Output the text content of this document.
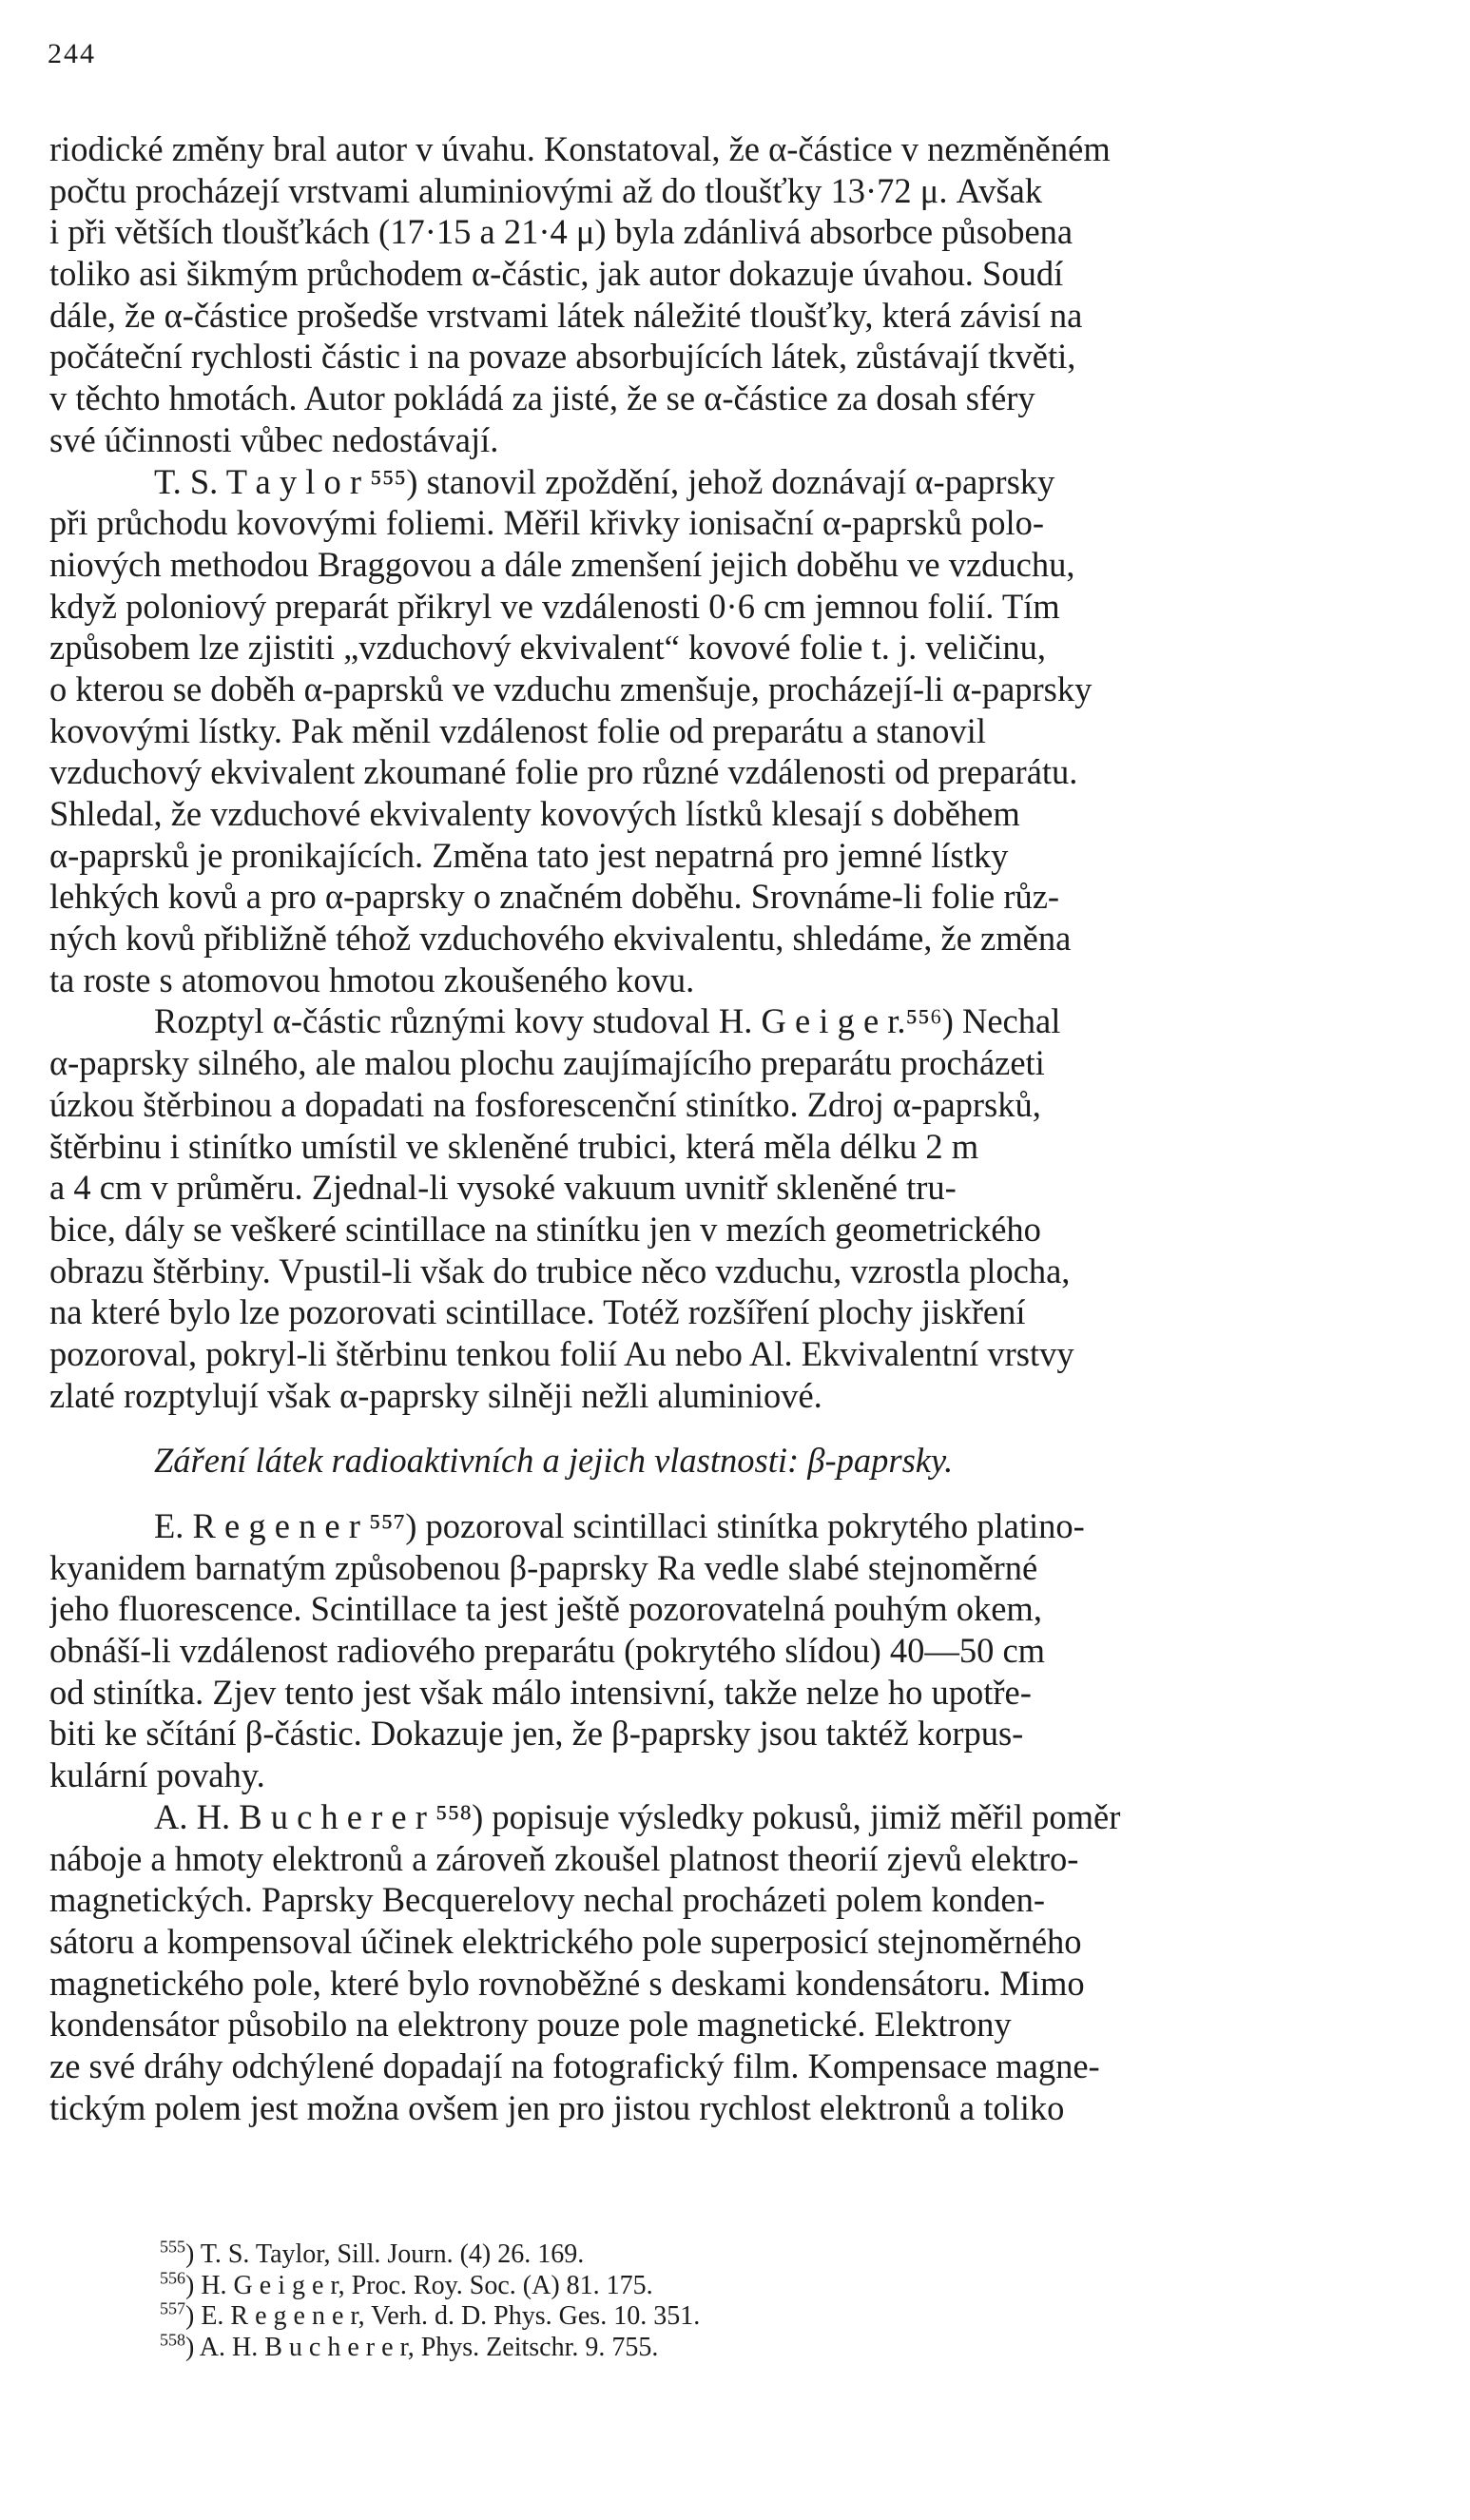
244
riodické změny bral autor v úvahu. Konstatoval, že α-částice v nezměněném
počtu procházejí vrstvami aluminiovými až do tloušťky 13·72 μ. Avšak
i při větších tloušťkách (17·15 a 21·4 μ) byla zdánlivá absorbce působena
toliko asi šikmým průchodem α-částic, jak autor dokazuje úvahou. Soudí
dále, že α-částice prošedše vrstvami látek náležité tloušťky, která závisí na
počáteční rychlosti částic i na povaze absorbujících látek, zůstávají tkvěti,
v těchto hmotách. Autor pokládá za jisté, že se α-částice za dosah sféry
své účinnosti vůbec nedostávají.
T. S. T a y l o r ⁵⁵⁵) stanovil zpoždění, jehož doznávají α-paprsky
při průchodu kovovými foliemi. Měřil křivky ionisační α-paprsků polo-
niových methodou Braggovou a dále zmenšení jejich doběhu ve vzduchu,
když poloniový preparát přikryl ve vzdálenosti 0·6 cm jemnou folií. Tím
způsobem lze zjistiti „vzduchový ekvivalent“ kovové folie t. j. veličinu,
o kterou se doběh α-paprsků ve vzduchu zmenšuje, procházejí-li α-paprsky
kovovými lístky. Pak měnil vzdálenost folie od preparátu a stanovil
vzduchový ekvivalent zkoumané folie pro různé vzdálenosti od preparátu.
Shledal, že vzduchové ekvivalenty kovových lístků klesají s doběhem
α-paprsků je pronikajících. Změna tato jest nepatrná pro jemné lístky
lehkých kovů a pro α-paprsky o značném doběhu. Srovnáme-li folie růz-
ných kovů přibližně téhož vzduchového ekvivalentu, shledáme, že změna
ta roste s atomovou hmotou zkoušeného kovu.
Rozptyl α-částic různými kovy studoval H. G e i g e r.⁵⁵⁶) Nechal
α-paprsky silného, ale malou plochu zaujímajícího preparátu procházeti
úzkou štěrbinou a dopadati na fosforescenční stinítko. Zdroj α-paprsků,
štěrbinu i stinítko umístil ve skleněné trubici, která měla délku 2 m
a 4 cm v průměru. Zjednal-li vysoké vakuum uvnitř skleněné tru-
bice, dály se veškeré scintillace na stinítku jen v mezích geometrického
obrazu štěrbiny. Vpustil-li však do trubice něco vzduchu, vzrostla plocha,
na které bylo lze pozorovati scintillace. Totéž rozšíření plochy jiskření
pozoroval, pokryl-li štěrbinu tenkou folií Au nebo Al. Ekvivalentní vrstvy
zlaté rozptylují však α-paprsky silněji nežli aluminiové.
Záření látek radioaktivních a jejich vlastnosti: β-paprsky.
E. R e g e n e r ⁵⁵⁷) pozoroval scintillaci stinítka pokrytého platino-
kyanidem barnatým způsobenou β-paprsky Ra vedle slabé stejnoměrné
jeho fluorescence. Scintillace ta jest ještě pozorovatelná pouhým okem,
obnáší-li vzdálenost radiového preparátu (pokrytého slídou) 40—50 cm
od stinítka. Zjev tento jest však málo intensivní, takže nelze ho upotře-
biti ke sčítání β-částic. Dokazuje jen, že β-paprsky jsou taktéž korpus-
kulární povahy.
A. H. B u c h e r e r ⁵⁵⁸) popisuje výsledky pokusů, jimiž měřil poměr
náboje a hmoty elektronů a zároveň zkoušel platnost theorií zjevů elektro-
magnetických. Paprsky Becquerelovy nechal procházeti polem konden-
sátoru a kompensoval účinek elektrického pole superposicí stejnoměrného
magnetického pole, které bylo rovnoběžné s deskami kondensátoru. Mimo
kondensátor působilo na elektrony pouze pole magnetické. Elektrony
ze své dráhy odchýlené dopadají na fotografický film. Kompensace magne-
tickým polem jest možna ovšem jen pro jistou rychlost elektronů a toliko
$^{555}$) T. S. Taylor, Sill. Journ. (4) 26. 169.
$^{556}$) H. G e i g e r, Proc. Roy. Soc. (A) 81. 175.
$^{557}$) E. R e g e n e r, Verh. d. D. Phys. Ges. 10. 351.
$^{558}$) A. H. B u c h e r e r, Phys. Zeitschr. 9. 755.
